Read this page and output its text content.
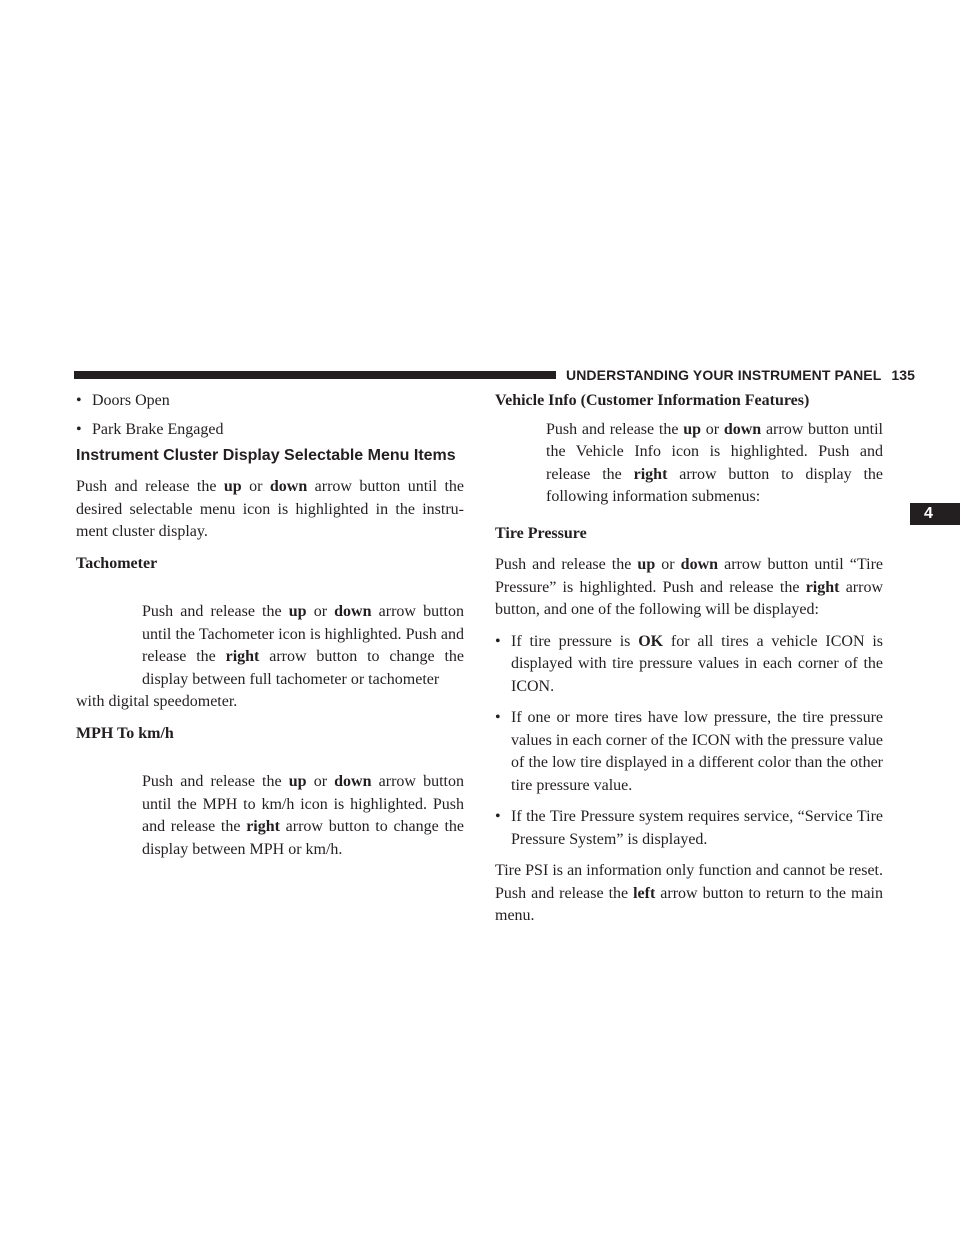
UNDERSTANDING YOUR INSTRUMENT PANEL 135
4
• Doors Open
• Park Brake Engaged
Instrument Cluster Display Selectable Menu Items
Push and release the up or down arrow button until the desired selectable menu icon is highlighted in the instru-ment cluster display.
Tachometer
Push and release the up or down arrow button until the Tachometer icon is highlighted. Push and release the right arrow button to change the display between full tachometer or tachometer
with digital speedometer.
MPH To km/h
Push and release the up or down arrow button until the MPH to km/h icon is highlighted. Push and release the right arrow button to change the display between MPH or km/h.
Vehicle Info (Customer Information Features)
Push and release the up or down arrow button until the Vehicle Info icon is highlighted. Push and release the right arrow button to display the following information submenus:
Tire Pressure
Push and release the up or down arrow button until “Tire Pressure” is highlighted. Push and release the right arrow button, and one of the following will be displayed:
• If tire pressure is OK for all tires a vehicle ICON is displayed with tire pressure values in each corner of the ICON.
• If one or more tires have low pressure, the tire pressure values in each corner of the ICON with the pressure value of the low tire displayed in a different color than the other tire pressure value.
• If the Tire Pressure system requires service, “Service Tire Pressure System” is displayed.
Tire PSI is an information only function and cannot be reset. Push and release the left arrow button to return to the main menu.
